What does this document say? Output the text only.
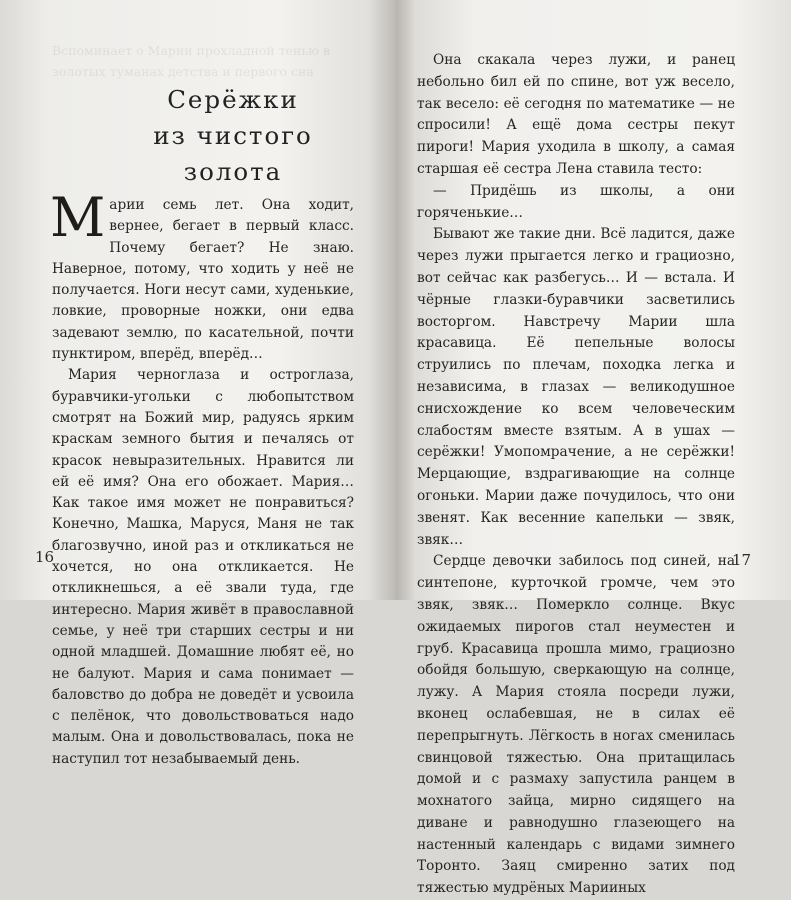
Вспоминает о Марии прохладной тенью в

золотых туманах детства и первого сна

Серёжки
из чистого золота

Марии семь лет. Она ходит, вернее, бегает в первый класс. Почему бегает? Не знаю. Наверное, потому, что ходить у неё не получается. Ноги несут сами, худенькие, ловкие, проворные ножки, они едва задевают землю, по касательной, почти пунктиром, вперёд, вперёд…

Мария черноглаза и остроглаза, буравчики-угольки с любопытством смотрят на Божий мир, радуясь ярким краскам земного бытия и печалясь от красок невыразительных. Нравится ли ей её имя? Она его обожает. Мария… Как такое имя может не понравиться? Конечно, Машка, Маруся, Маня не так благозвучно, иной раз и откликаться не хочется, но она откликается. Не откликнешься, а её звали туда, где интересно. Мария живёт в православной семье, у неё три старших сестры и ни одной младшей. Домашние любят её, но не балуют. Мария и сама понимает — баловство до добра не доведёт и усвоила с пелёнок, что довольствоваться надо малым. Она и довольствовалась, пока не наступил тот незабываемый день.

16

Она скакала через лужи, и ранец небольно бил ей по спине, вот уж весело, так весело: её сегодня по математике — не спросили! А ещё дома сестры пекут пироги! Мария уходила в школу, а самая старшая её сестра Лена ставила тесто:

— Придёшь из школы, а они горяченькие…

Бывают же такие дни. Всё ладится, даже через лужи прыгается легко и грациозно, вот сейчас как разбегусь… И — встала. И чёрные глазки-буравчики засветились восторгом. Навстречу Марии шла красавица. Её пепельные волосы струились по плечам, походка легка и независима, в глазах — великодушное снисхождение ко всем человеческим слабостям вместе взятым. А в ушах — серёжки! Умопомрачение, а не серёжки! Мерцающие, вздрагивающие на солнце огоньки. Марии даже почудилось, что они звенят. Как весенние капельки — звяк, звяк…

Сердце девочки забилось под синей, на синтепоне, курточкой громче, чем это звяк, звяк… Померкло солнце. Вкус ожидаемых пирогов стал неуместен и груб. Красавица прошла мимо, грациозно обойдя большую, сверкающую на солнце, лужу. А Мария стояла посреди лужи, вконец ослабевшая, не в силах её перепрыгнуть. Лёгкость в ногах сменилась свинцовой тяжестью. Она притащилась домой и с размаху запустила ранцем в мохнатого зайца, мирно сидящего на диване и равнодушно глазеющего на настенный календарь с видами зимнего Торонто. Заяц смиренно затих под тяжестью мудрёных Марииных

17
